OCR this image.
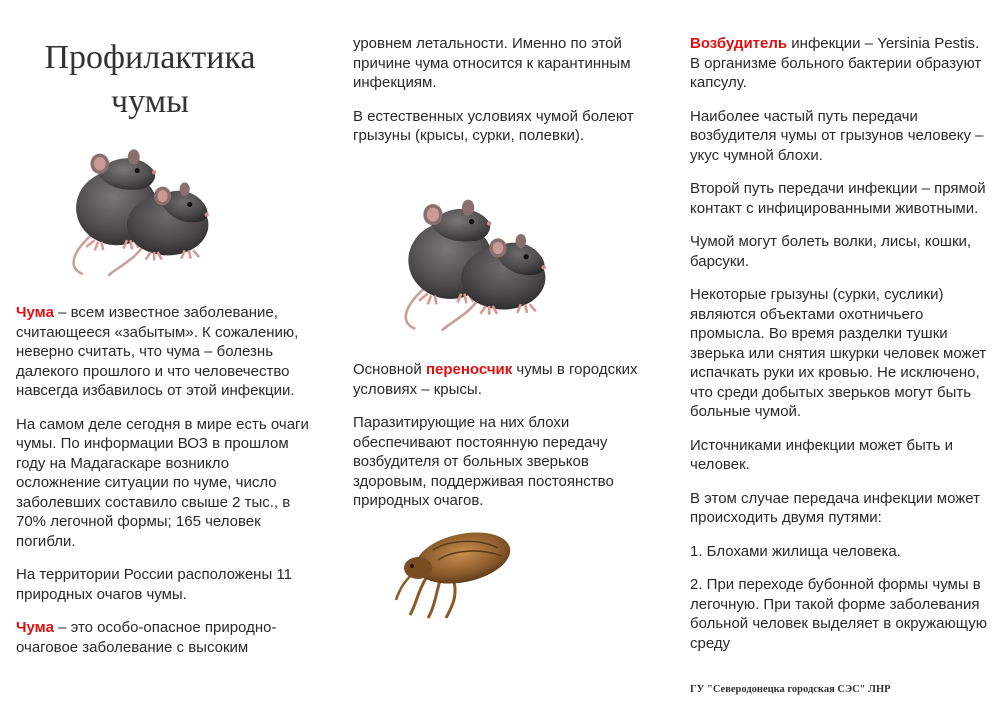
Профилактика
чумы

Чума – всем известное заболевание, считающееся «забытым». К сожалению, неверно считать, что чума – болезнь далекого прошлого и что человечество навсегда избавилось от этой инфекции.

На самом деле сегодня в мире есть очаги чумы. По информации ВОЗ в прошлом году на Мадагаскаре возникло осложнение ситуации по чуме, число заболевших составило свыше 2 тыс., в 70% легочной формы; 165 человек погибли.

На территории России расположены 11 природных очагов чумы.

Чума – это особо-опасное природно-очаговое заболевание с высоким

уровнем летальности. Именно по этой причине чума относится к карантинным инфекциям.

В естественных условиях чумой болеют грызуны (крысы, сурки, полевки).

Основной переносчик чумы в городских условиях – крысы.

Паразитирующие на них блохи обеспечивают постоянную передачу возбудителя от больных зверьков здоровым, поддерживая постоянство природных очагов.

Возбудитель инфекции – Yersinia Pestis. В организме больного бактерии образуют капсулу.

Наиболее частый путь передачи возбудителя чумы от грызунов человеку – укус чумной блохи.

Второй путь передачи инфекции – прямой контакт с инфицированными животными.

Чумой могут болеть волки, лисы, кошки, барсуки.

Некоторые грызуны (сурки, суслики) являются объектами охотничьего промысла. Во время разделки тушки зверька или снятия шкурки человек может испачкать руки их кровью. Не исключено, что среди добытых зверьков могут быть больные чумой.

Источниками инфекции может быть и человек.

В этом случае передача инфекции может происходить двумя путями:

1. Блохами жилища человека.

2. При переходе бубонной формы чумы в легочную. При такой форме заболевания больной человек выделяет в окружающую среду

ГУ "Северодонецка городская СЭС" ЛНР
